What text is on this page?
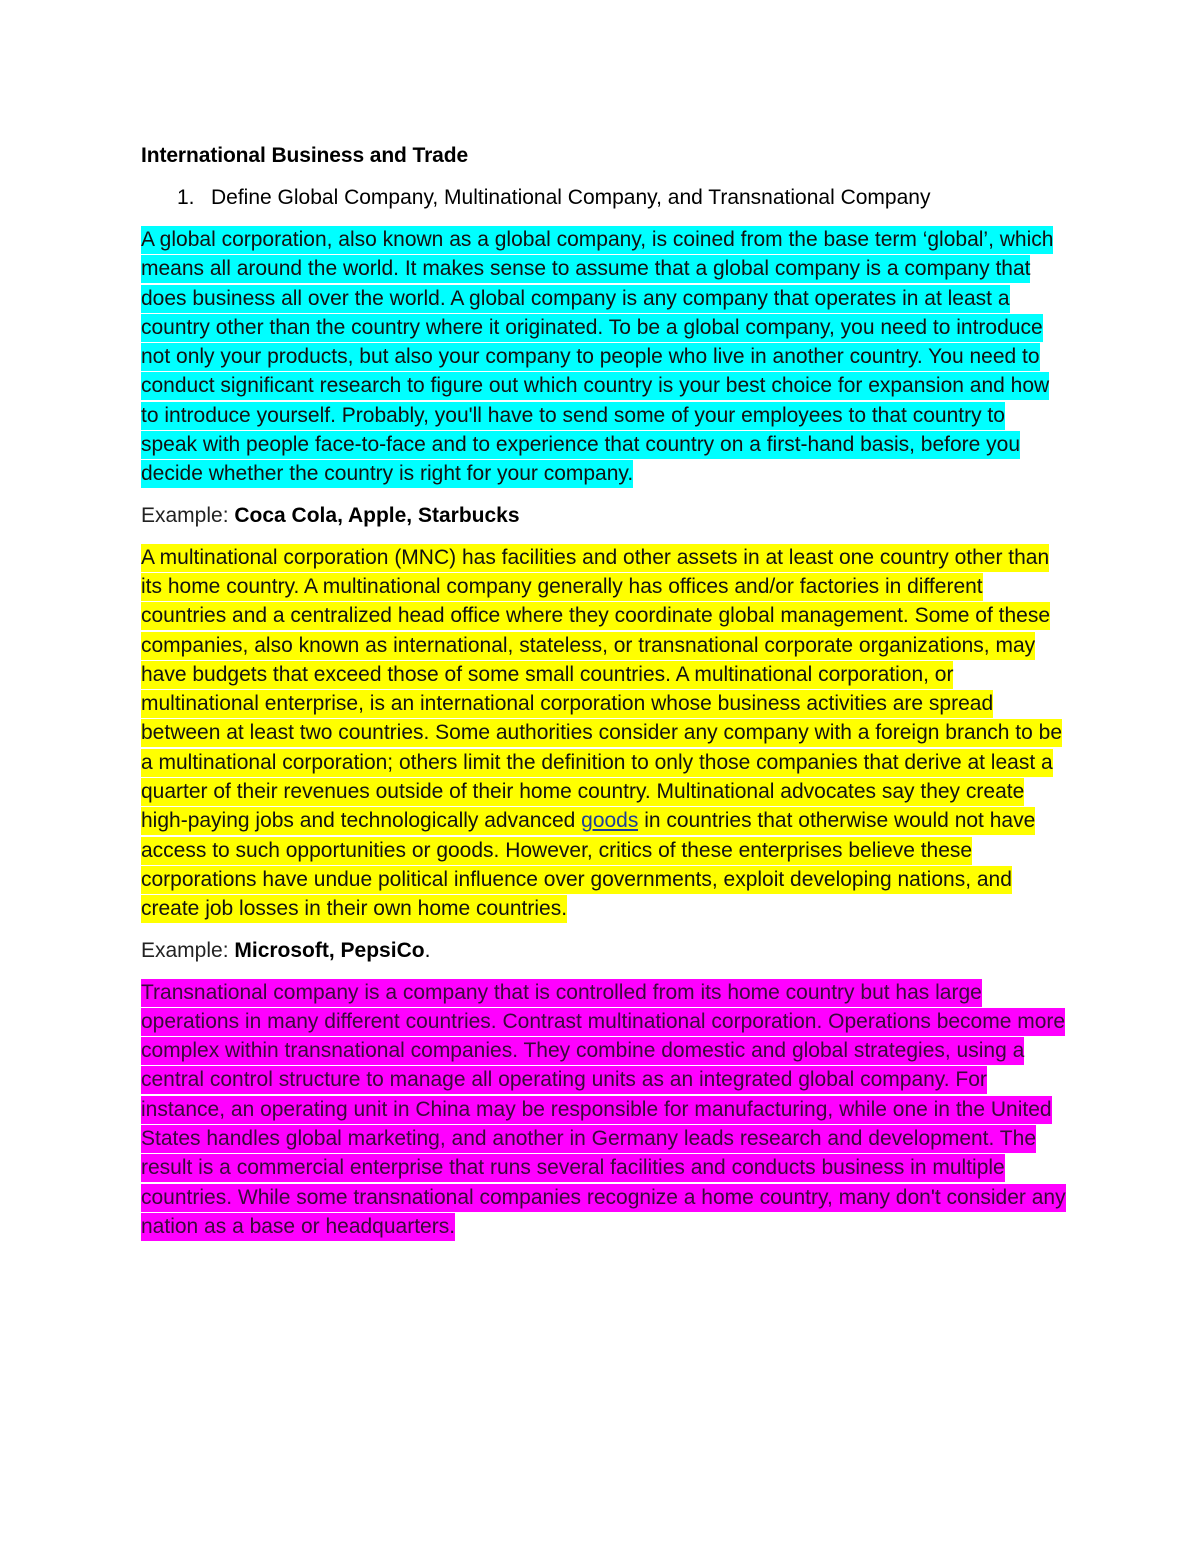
International Business and Trade
1. Define Global Company, Multinational Company, and Transnational Company
A global corporation, also known as a global company, is coined from the base term ‘global’, which means all around the world. It makes sense to assume that a global company is a company that does business all over the world. A global company is any company that operates in at least a country other than the country where it originated. To be a global company, you need to introduce not only your products, but also your company to people who live in another country. You need to conduct significant research to figure out which country is your best choice for expansion and how to introduce yourself. Probably, you'll have to send some of your employees to that country to speak with people face-to-face and to experience that country on a first-hand basis, before you decide whether the country is right for your company.
Example: Coca Cola, Apple, Starbucks
A multinational corporation (MNC) has facilities and other assets in at least one country other than its home country. A multinational company generally has offices and/or factories in different countries and a centralized head office where they coordinate global management. Some of these companies, also known as international, stateless, or transnational corporate organizations, may have budgets that exceed those of some small countries. A multinational corporation, or multinational enterprise, is an international corporation whose business activities are spread between at least two countries. Some authorities consider any company with a foreign branch to be a multinational corporation; others limit the definition to only those companies that derive at least a quarter of their revenues outside of their home country. Multinational advocates say they create high-paying jobs and technologically advanced goods in countries that otherwise would not have access to such opportunities or goods. However, critics of these enterprises believe these corporations have undue political influence over governments, exploit developing nations, and create job losses in their own home countries.
Example: Microsoft, PepsiCo.
Transnational company is a company that is controlled from its home country but has large operations in many different countries. Contrast multinational corporation. Operations become more complex within transnational companies. They combine domestic and global strategies, using a central control structure to manage all operating units as an integrated global company. For instance, an operating unit in China may be responsible for manufacturing, while one in the United States handles global marketing, and another in Germany leads research and development. The result is a commercial enterprise that runs several facilities and conducts business in multiple countries. While some transnational companies recognize a home country, many don't consider any nation as a base or headquarters.
